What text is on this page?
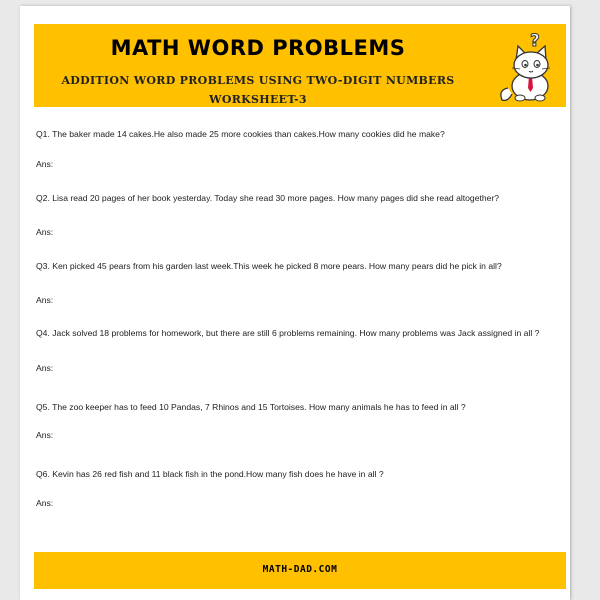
MATH WORD PROBLEMS
ADDITION WORD PROBLEMS USING TWO-DIGIT NUMBERS
WORKSHEET-3
?
Q1. The baker made 14 cakes.He also made 25 more cookies than cakes.How many cookies did he make?
Ans:
Q2. Lisa read 20 pages of her book yesterday. Today she read 30 more pages. How many pages did she read altogether?
Ans:
Q3. Ken picked 45 pears from his garden last week.This week he picked 8 more pears. How many pears did he pick in all?
Ans:
Q4. Jack solved 18 problems for homework, but there are still 6 problems remaining. How many problems was Jack assigned in all ?
Ans:
Q5. The zoo keeper has to feed 10 Pandas, 7 Rhinos and 15 Tortoises. How many animals he has to feed in all ?
Ans:
Q6. Kevin has 26 red fish and 11 black fish in the pond.How many fish does he have in all ?
Ans:
MATH-DAD.COM
